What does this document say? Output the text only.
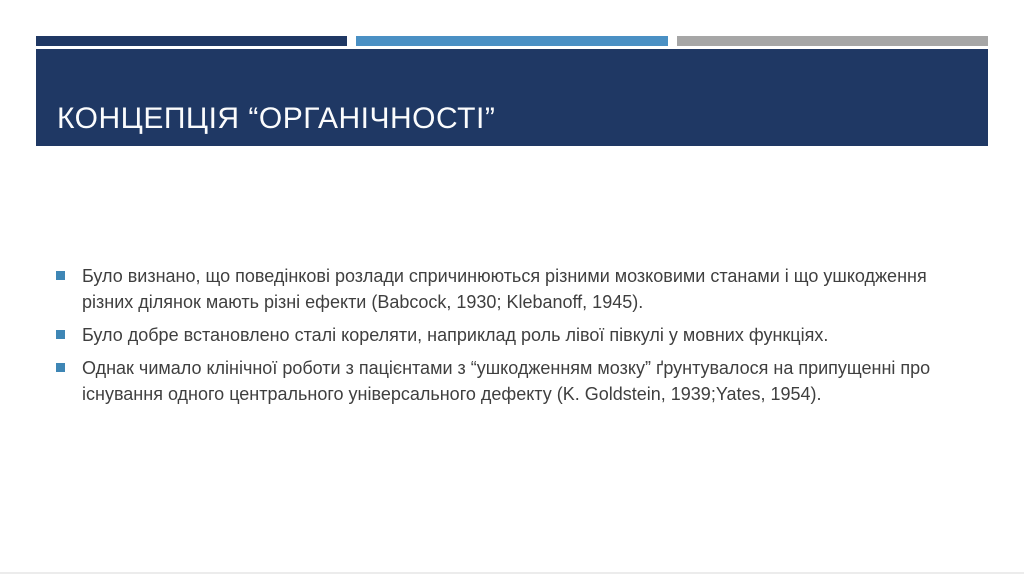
КОНЦЕПЦІЯ “ОРГАНІЧНОСТІ”
Було визнано, що поведінкові розлади спричинюються різними мозковими станами і що ушкодження
різних ділянок мають різні ефекти (Babcock, 1930; Klebanoff, 1945).
Було добре встановлено сталі кореляти, наприклад роль лівої півкулі у мовних функціях.
Однак чимало клінічної роботи з пацієнтами з “ушкодженням мозку” ґрунтувалося на припущенні про
існування одного центрального універсального дефекту (K. Goldstein, 1939;Yates, 1954).
